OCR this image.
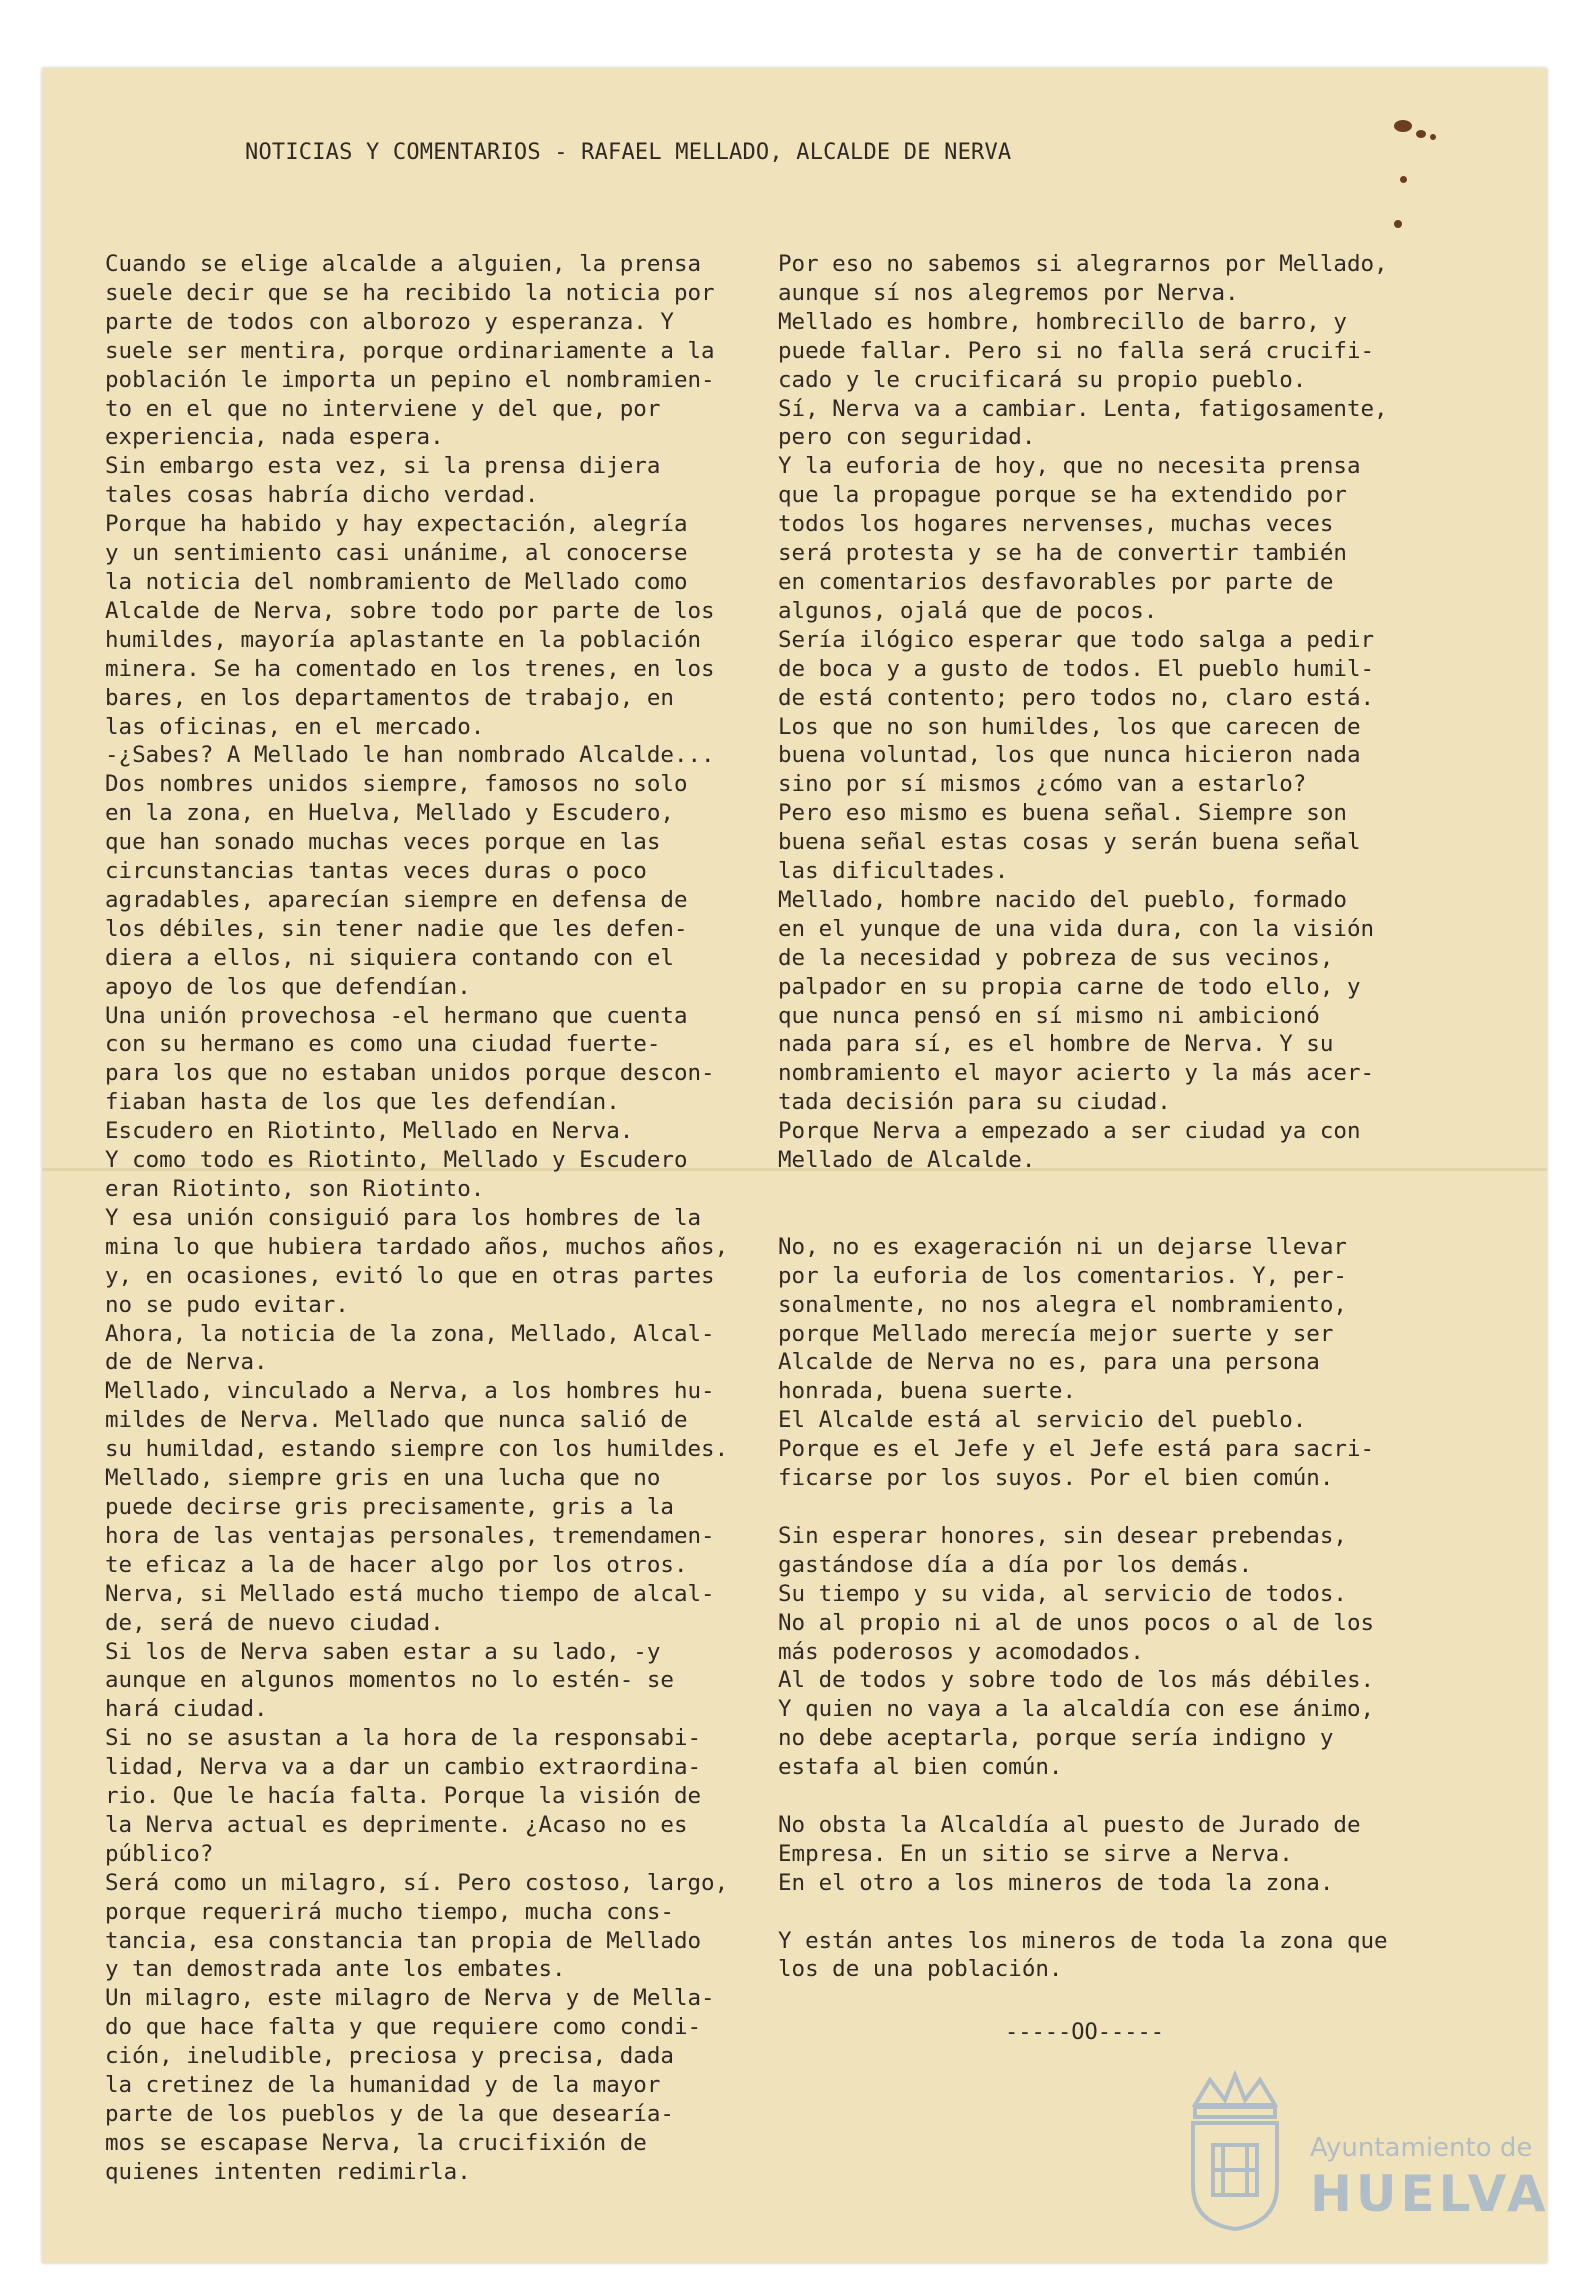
NOTICIAS Y COMENTARIOS - RAFAEL MELLADO, ALCALDE DE NERVA

Cuando se elige alcalde a alguien, la prensa

suele decir que se ha recibido la noticia por

parte de todos con alborozo y esperanza. Y

suele ser mentira, porque ordinariamente a la

población le importa un pepino el nombramien-

to en el que no interviene y del que, por

experiencia, nada espera.

Sin embargo esta vez, si la prensa dijera

tales cosas habría dicho verdad.

Porque ha habido y hay expectación, alegría

y un sentimiento casi unánime, al conocerse

la noticia del nombramiento de Mellado como

Alcalde de Nerva, sobre todo por parte de los

humildes, mayoría aplastante en la población

minera. Se ha comentado en los trenes, en los

bares, en los departamentos de trabajo, en

las oficinas, en el mercado.

-¿Sabes? A Mellado le han nombrado Alcalde...

Dos nombres unidos siempre, famosos no solo

en la zona, en Huelva, Mellado y Escudero,

que han sonado muchas veces porque en las

circunstancias tantas veces duras o poco

agradables, aparecían siempre en defensa de

los débiles, sin tener nadie que les defen-

diera a ellos, ni siquiera contando con el

apoyo de los que defendían.

Una unión provechosa -el hermano que cuenta

con su hermano es como una ciudad fuerte-

para los que no estaban unidos porque descon-

fiaban hasta de los que les defendían.

Escudero en Riotinto, Mellado en Nerva.

Y como todo es Riotinto, Mellado y Escudero

eran Riotinto, son Riotinto.

Y esa unión consiguió para los hombres de la

mina lo que hubiera tardado años, muchos años,

y, en ocasiones, evitó lo que en otras partes

no se pudo evitar.

Ahora, la noticia de la zona, Mellado, Alcal-

de de Nerva.

Mellado, vinculado a Nerva, a los hombres hu-

mildes de Nerva. Mellado que nunca salió de

su humildad, estando siempre con los humildes.

Mellado, siempre gris en una lucha que no

puede decirse gris precisamente, gris a la

hora de las ventajas personales, tremendamen-

te eficaz a la de hacer algo por los otros.

Nerva, si Mellado está mucho tiempo de alcal-

de, será de nuevo ciudad.

Si los de Nerva saben estar a su lado, -y

aunque en algunos momentos no lo estén- se

hará ciudad.

Si no se asustan a la hora de la responsabi-

lidad, Nerva va a dar un cambio extraordina-

rio. Que le hacía falta. Porque la visión de

la Nerva actual es deprimente. ¿Acaso no es

público?

Será como un milagro, sí. Pero costoso, largo,

porque requerirá mucho tiempo, mucha cons-

tancia, esa constancia tan propia de Mellado

y tan demostrada ante los embates.

Un milagro, este milagro de Nerva y de Mella-

do que hace falta y que requiere como condi-

ción, ineludible, preciosa y precisa, dada

la cretinez de la humanidad y de la mayor

parte de los pueblos y de la que desearía-

mos se escapase Nerva, la crucifixión de

quienes intenten redimirla.

Por eso no sabemos si alegrarnos por Mellado,

aunque sí nos alegremos por Nerva.

Mellado es hombre, hombrecillo de barro, y

puede fallar. Pero si no falla será crucifi-

cado y le crucificará su propio pueblo.

Sí, Nerva va a cambiar. Lenta, fatigosamente,

pero con seguridad.

Y la euforia de hoy, que no necesita prensa

que la propague porque se ha extendido por

todos los hogares nervenses, muchas veces

será protesta y se ha de convertir también

en comentarios desfavorables por parte de

algunos, ojalá que de pocos.

Sería ilógico esperar que todo salga a pedir

de boca y a gusto de todos. El pueblo humil-

de está contento; pero todos no, claro está.

Los que no son humildes, los que carecen de

buena voluntad, los que nunca hicieron nada

sino por sí mismos ¿cómo van a estarlo?

Pero eso mismo es buena señal. Siempre son

buena señal estas cosas y serán buena señal

las dificultades.

Mellado, hombre nacido del pueblo, formado

en el yunque de una vida dura, con la visión

de la necesidad y pobreza de sus vecinos,

palpador en su propia carne de todo ello, y

que nunca pensó en sí mismo ni ambicionó

nada para sí, es el hombre de Nerva. Y su

nombramiento el mayor acierto y la más acer-

tada decisión para su ciudad.

Porque Nerva a empezado a ser ciudad ya con

Mellado de Alcalde.

No, no es exageración ni un dejarse llevar

por la euforia de los comentarios. Y, per-

sonalmente, no nos alegra el nombramiento,

porque Mellado merecía mejor suerte y ser

Alcalde de Nerva no es, para una persona

honrada, buena suerte.

El Alcalde está al servicio del pueblo.

Porque es el Jefe y el Jefe está para sacri-

ficarse por los suyos. Por el bien común.

Sin esperar honores, sin desear prebendas,

gastándose día a día por los demás.

Su tiempo y su vida, al servicio de todos.

No al propio ni al de unos pocos o al de los

más poderosos y acomodados.

Al de todos y sobre todo de los más débiles.

Y quien no vaya a la alcaldía con ese ánimo,

no debe aceptarla, porque sería indigno y

estafa al bien común.

No obsta la Alcaldía al puesto de Jurado de

Empresa. En un sitio se sirve a Nerva.

En el otro a los mineros de toda la zona.

Y están antes los mineros de toda la zona que

los de una población.

-----OO-----
Ayuntamiento de
HUELVA
